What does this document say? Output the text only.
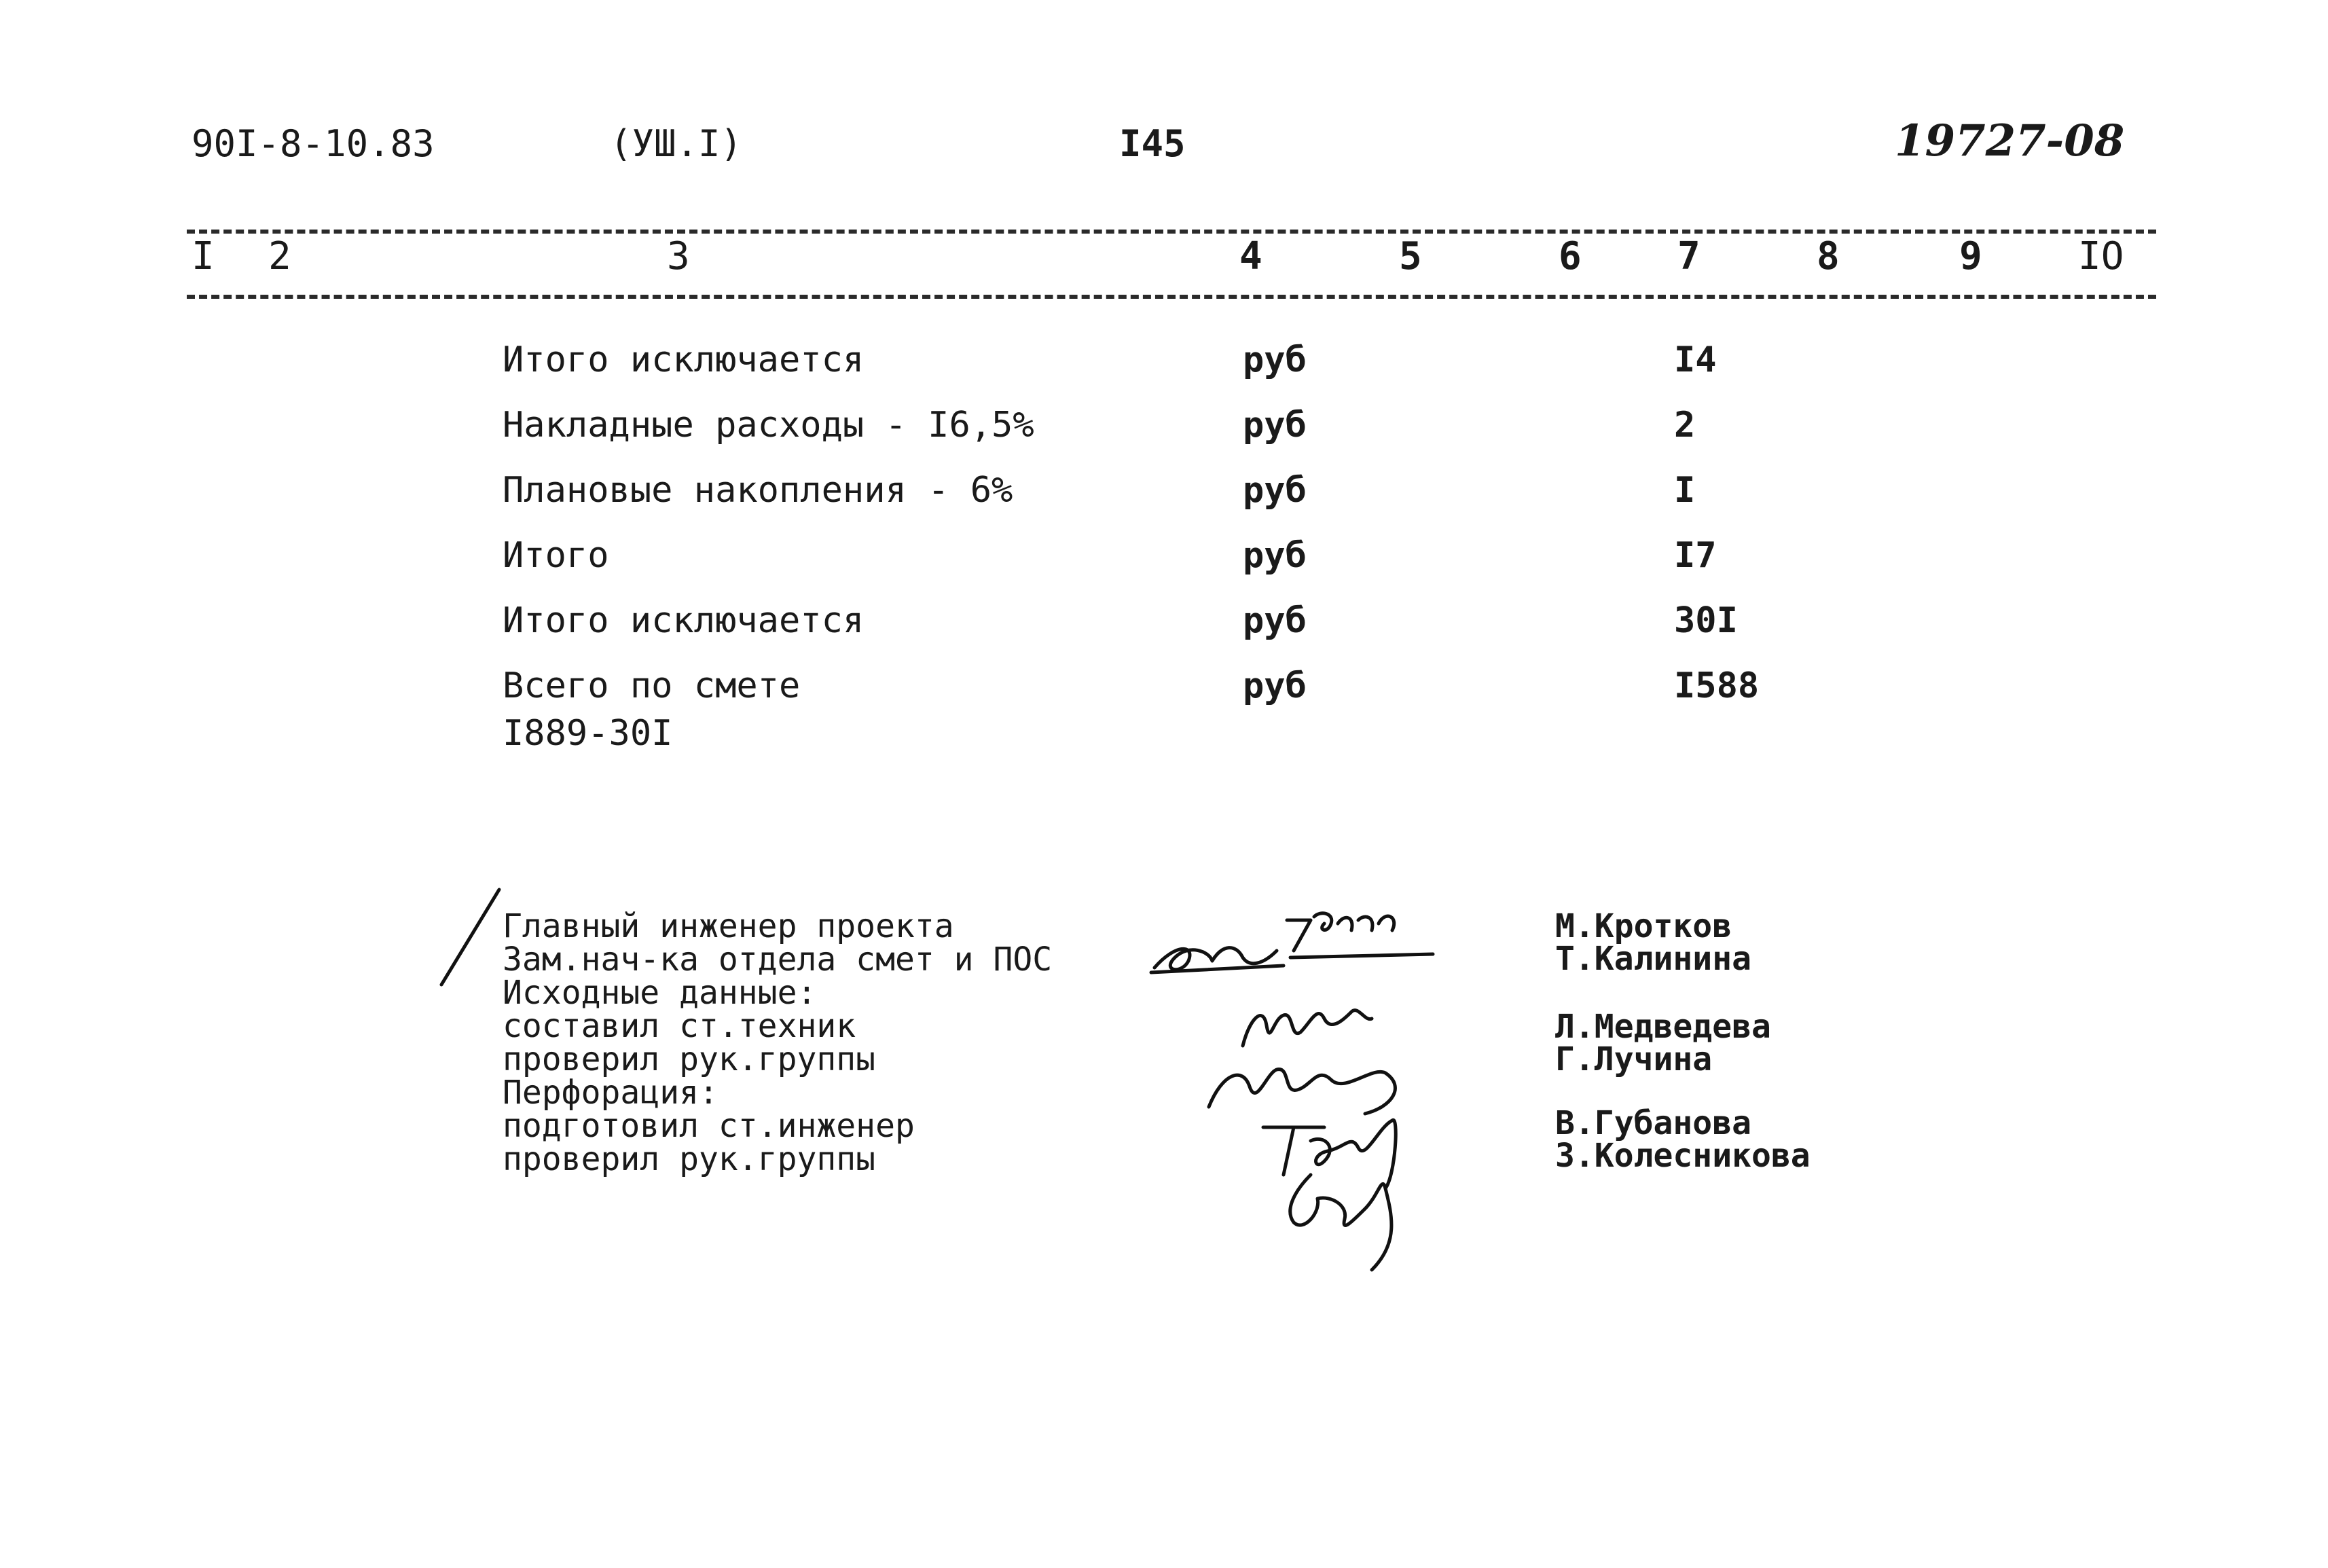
90I-8-10.83	(УШ.I)	I45	19727-08
I 2	3	4	5	6	7	8	9	IO
Итого исключается	руб	I4
Накладные расходы - I6,5%	руб	2
Плановые накопления - 6%	руб	I
Итого	руб	I7
Итого исключается	руб	30I
Всего по смете	руб	I588
I889-30I
Главный инженер проекта
Зам.нач-ка отдела смет и ПОС
Исходные данные:
составил ст.техник
проверил рук.группы
Перфорация:
подготовил ст.инженер
проверил рук.группы
М.Кротков
Т.Калинина
Л.Медведева
Г.Лучина
В.Губанова
З.Колесникова
